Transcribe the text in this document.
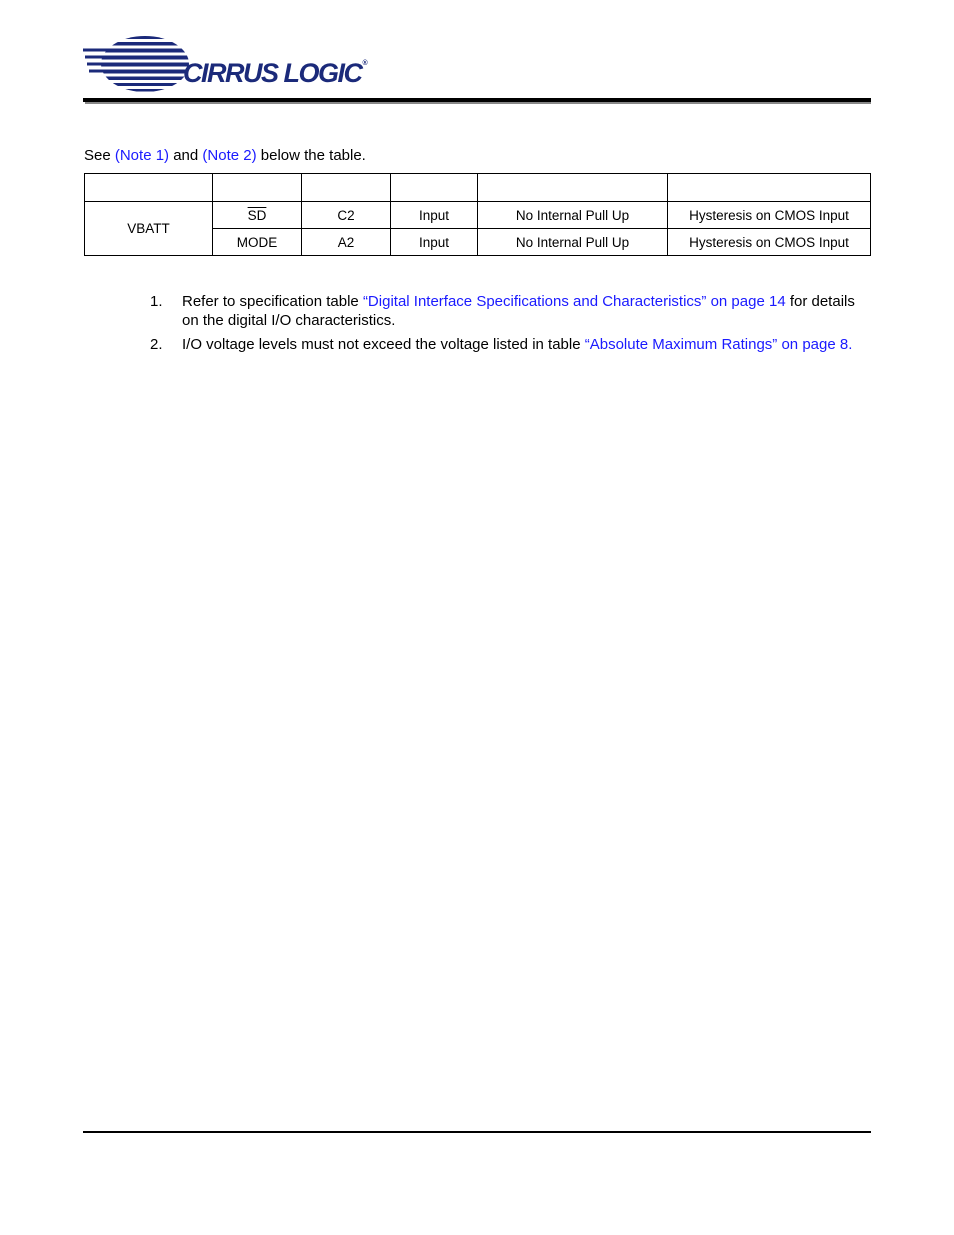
CIRRUS LOGIC®
See (Note 1) and (Note 2) below the table.

VBATT	$\overline{SD}$	C2	Input	No Internal Pull Up	Hysteresis on CMOS Input
	MODE	A2	Input	No Internal Pull Up	Hysteresis on CMOS Input
1.	Refer to specification table “Digital Interface Specifications and Characteristics” on page 14 for details on the digital I/O characteristics.
2.	I/O voltage levels must not exceed the voltage listed in table “Absolute Maximum Ratings” on page 8.
